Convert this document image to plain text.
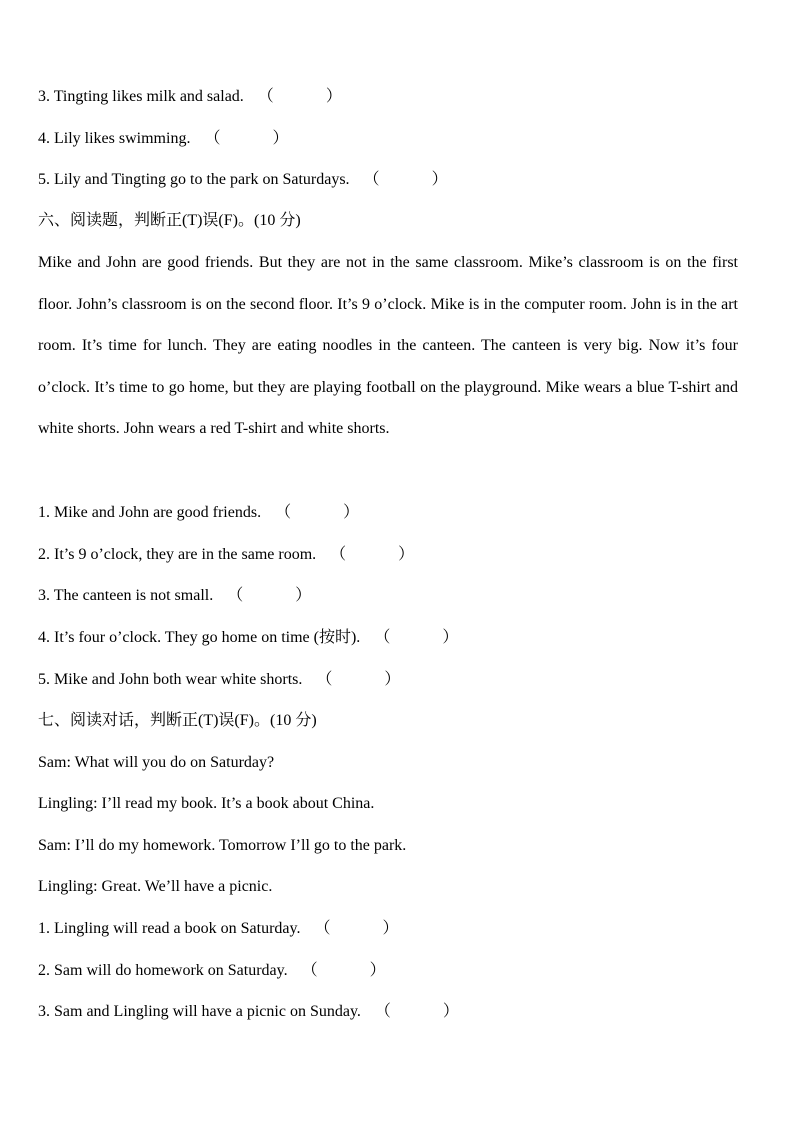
3. Tingting likes milk and salad. （	）
4. Lily likes swimming. （	）
5. Lily and Tingting go to the park on Saturdays. （	）
六、阅读题，判断正(T)误(F)。(10 分)
Mike and John are good friends. But they are not in the same classroom. Mike’s classroom is on the first floor. John’s classroom is on the second floor. It’s 9 o’clock. Mike is in the computer room. John is in the art room. It’s time for lunch. They are eating noodles in the canteen. The canteen is very big. Now it’s four o’clock. It’s time to go home, but they are playing football on the playground. Mike wears a blue T-shirt and white shorts. John wears a red T-shirt and white shorts.
1. Mike and John are good friends. （	）
2. It’s 9 o’clock, they are in the same room. （	）
3. The canteen is not small. （	）
4. It’s four o’clock. They go home on time (按时). （	）
5. Mike and John both wear white shorts. （	）
七、阅读对话，判断正(T)误(F)。(10 分)
Sam: What will you do on Saturday?
Lingling: I’ll read my book. It’s a book about China.
Sam: I’ll do my homework. Tomorrow I’ll go to the park.
Lingling: Great. We’ll have a picnic.
1. Lingling will read a book on Saturday. （	）
2. Sam will do homework on Saturday. （	）
3. Sam and Lingling will have a picnic on Sunday. （	）
